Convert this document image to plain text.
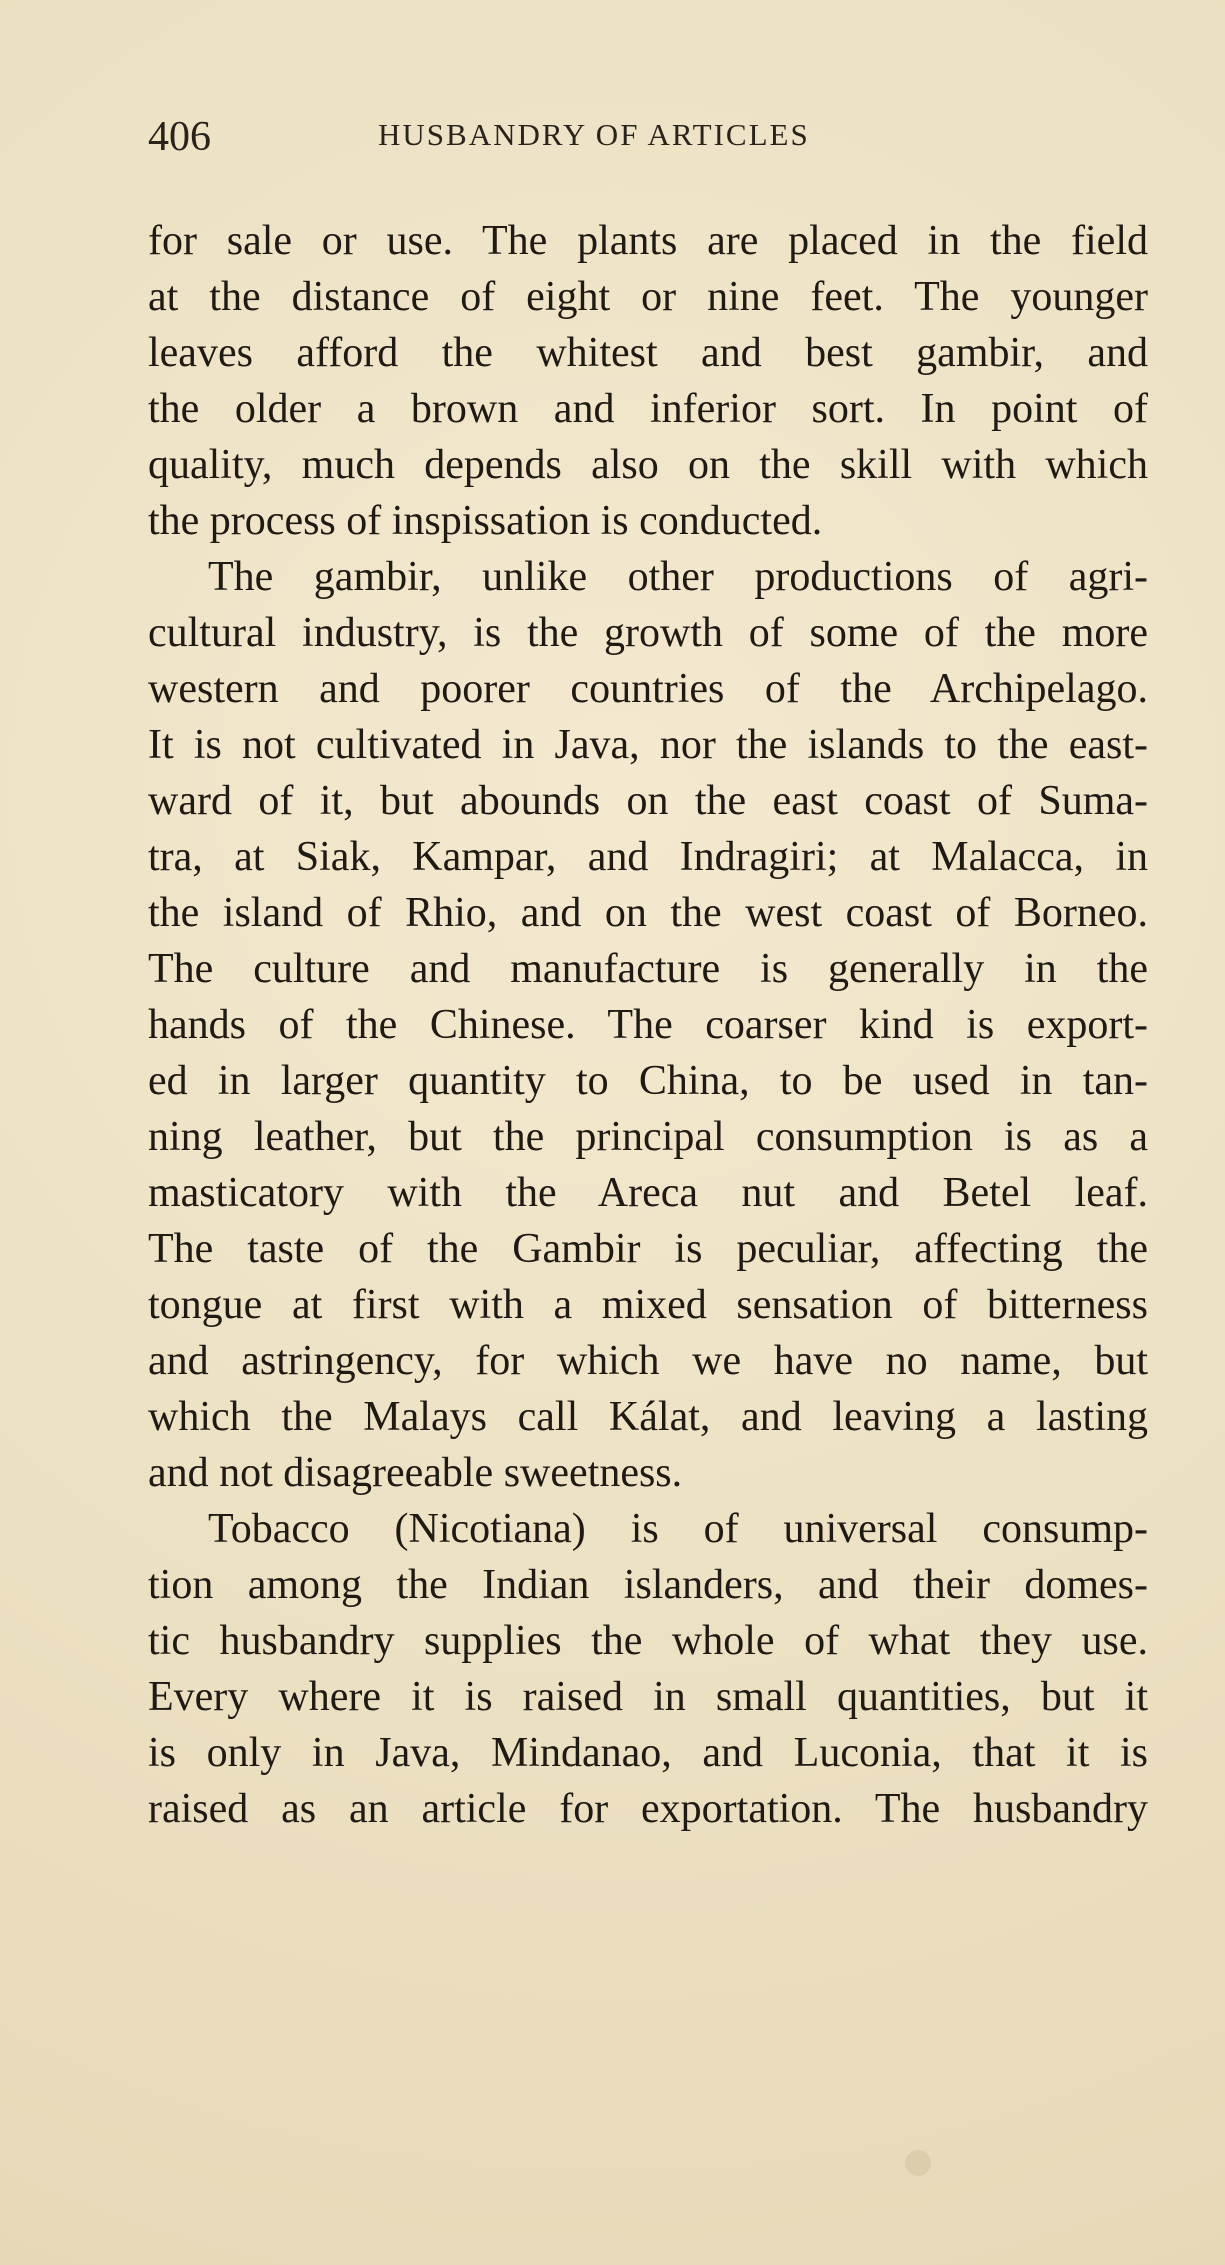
406	HUSBANDRY OF ARTICLES
for sale or use. The plants are placed in the field
at the distance of eight or nine feet. The younger
leaves afford the whitest and best gambir, and
the older a brown and inferior sort. In point of
quality, much depends also on the skill with which
the process of inspissation is conducted.
The gambir, unlike other productions of agri-
cultural industry, is the growth of some of the more
western and poorer countries of the Archipelago.
It is not cultivated in Java, nor the islands to the east-
ward of it, but abounds on the east coast of Suma-
tra, at Siak, Kampar, and Indragiri; at Malacca, in
the island of Rhio, and on the west coast of Borneo.
The culture and manufacture is generally in the
hands of the Chinese. The coarser kind is export-
ed in larger quantity to China, to be used in tan-
ning leather, but the principal consumption is as a
masticatory with the Areca nut and Betel leaf.
The taste of the Gambir is peculiar, affecting the
tongue at first with a mixed sensation of bitterness
and astringency, for which we have no name, but
which the Malays call Kálat, and leaving a lasting
and not disagreeable sweetness.
Tobacco (Nicotiana) is of universal consump-
tion among the Indian islanders, and their domes-
tic husbandry supplies the whole of what they use.
Every where it is raised in small quantities, but it
is only in Java, Mindanao, and Luconia, that it is
raised as an article for exportation. The husbandry
